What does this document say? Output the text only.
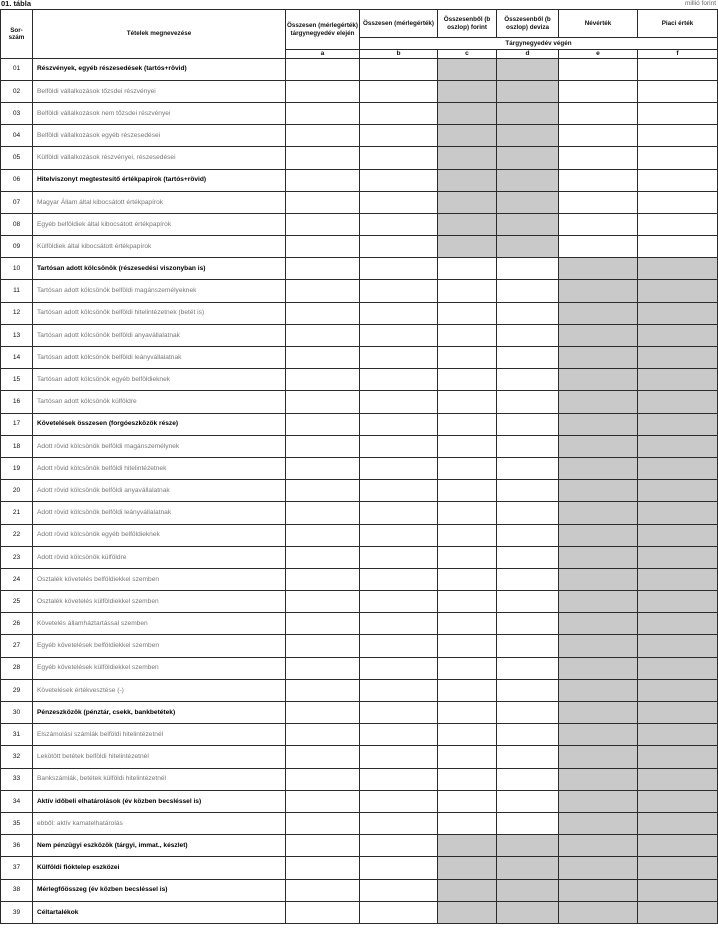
01. tábla	millió forint
Sor-
szám	Tételek megnevezése	Összesen (mérlegérték) tárgynegyedév elején	Összesen (mérlegérték)	Összesenből (b oszlop) forint	Összesenből (b oszlop) deviza	Névérték	Piaci érték
			Tárgynegyedév végén				
		a	b	c	d	e	f
01	Részvények, egyéb részesedések (tartós+rövid)						
02	Belföldi vállalkozások tőzsdei részvényei						
03	Belföldi vállalkozások nem tőzsdei részvényei						
04	Belföldi vállalkozások egyéb részesedései						
05	Külföldi vállalkozások részvényei, részesedései						
06	Hitelviszonyt megtestesítő értékpapírok (tartós+rövid)						
07	Magyar Állam által kibocsátott értékpapírok						
08	Egyéb belföldiek által kibocsátott értékpapírok						
09	Külföldiek által kibocsátott értékpapírok						
10	Tartósan adott kölcsönök (részesedési viszonyban is)						
11	Tartósan adott kölcsönök belföldi magánszemélyeknek						
12	Tartósan adott kölcsönök belföldi hitelintézetnek (betét is)						
13	Tartósan adott kölcsönök belföldi anyavállalatnak						
14	Tartósan adott kölcsönök belföldi leányvállalatnak						
15	Tartósan adott kölcsönök egyéb belföldieknek						
16	Tartósan adott kölcsönök külföldre						
17	Követelések összesen (forgóeszközök része)						
18	Adott rövid kölcsönök belföldi magánszemélynek						
19	Adott rövid kölcsönök belföldi hitelintézetnek						
20	Adott rövid kölcsönök belföldi anyavállalatnak						
21	Adott rövid kölcsönök belföldi leányvállalatnak						
22	Adott rövid kölcsönök egyéb belföldieknek						
23	Adott rövid kölcsönök külföldre						
24	Osztalék követelés belföldiekkel szemben						
25	Osztalék követelés külföldiekkel szemben						
26	Követelés államháztartással szemben						
27	Egyéb követelések belföldiekkel szemben						
28	Egyéb követelések külföldiekkel szemben						
29	Követelések értékvesztése (-)						
30	Pénzeszközök (pénztár, csekk, bankbetétek)						
31	Elszámolási számlák belföldi hitelintézetnél						
32	Lekötött betétek belföldi hitelintézetnél						
33	Bankszámlák, betétek külföldi hitelintézetnél						
34	Aktív időbeli elhatárolások (év közben becsléssel is)						
35	ebből: aktív kamatelhatárolás						
36	Nem pénzügyi eszközök (tárgyi, immat., készlet)						
37	Külföldi fióktelep eszközei						
38	Mérlegfőösszeg (év közben becsléssel is)						
39	Céltartalékok						
